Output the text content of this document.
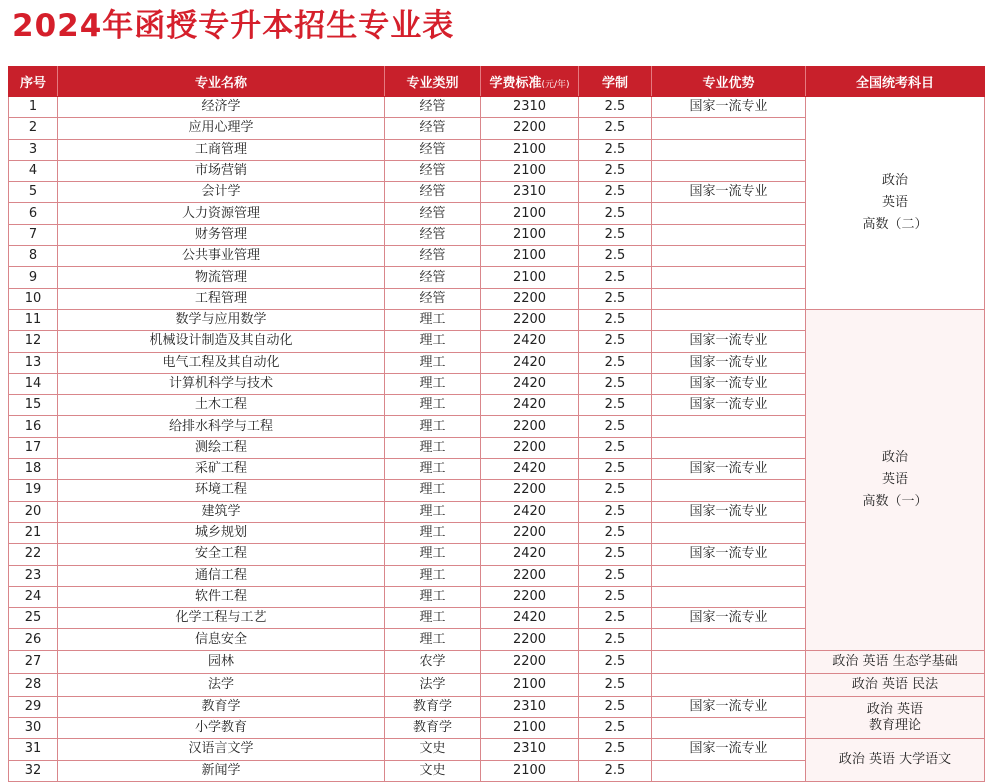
2024年函授专升本招生专业表
序号	专业名称	专业类别	学费标准(元/年)	学制	专业优势	全国统考科目
1	经济学	经管	2310	2.5	国家一流专业	政治
英语
高数（二）

2	应用心理学	经管	2200	2.5		
3	工商管理	经管	2100	2.5		
4	市场营销	经管	2100	2.5		
5	会计学	经管	2310	2.5	国家一流专业	
6	人力资源管理	经管	2100	2.5		
7	财务管理	经管	2100	2.5		
8	公共事业管理	经管	2100	2.5		
9	物流管理	经管	2100	2.5		
10	工程管理	经管	2200	2.5		
11	数学与应用数学	理工	2200	2.5		政治
英语
高数（一）

12	机械设计制造及其自动化	理工	2420	2.5	国家一流专业	
13	电气工程及其自动化	理工	2420	2.5	国家一流专业	
14	计算机科学与技术	理工	2420	2.5	国家一流专业	
15	土木工程	理工	2420	2.5	国家一流专业	
16	给排水科学与工程	理工	2200	2.5		
17	测绘工程	理工	2200	2.5		
18	采矿工程	理工	2420	2.5	国家一流专业	
19	环境工程	理工	2200	2.5		
20	建筑学	理工	2420	2.5	国家一流专业	
21	城乡规划	理工	2200	2.5		
22	安全工程	理工	2420	2.5	国家一流专业	
23	通信工程	理工	2200	2.5		
24	软件工程	理工	2200	2.5		
25	化学工程与工艺	理工	2420	2.5	国家一流专业	
26	信息安全	理工	2200	2.5		
27	园林	农学	2200	2.5		政治 英语 生态学基础

28	法学	法学	2100	2.5		政治 英语 民法

29	教育学	教育学	2310	2.5	国家一流专业	政治 英语
教育理论

30	小学教育	教育学	2100	2.5		
31	汉语言文学	文史	2310	2.5	国家一流专业	政治 英语 大学语文

32	新闻学	文史	2100	2.5		
